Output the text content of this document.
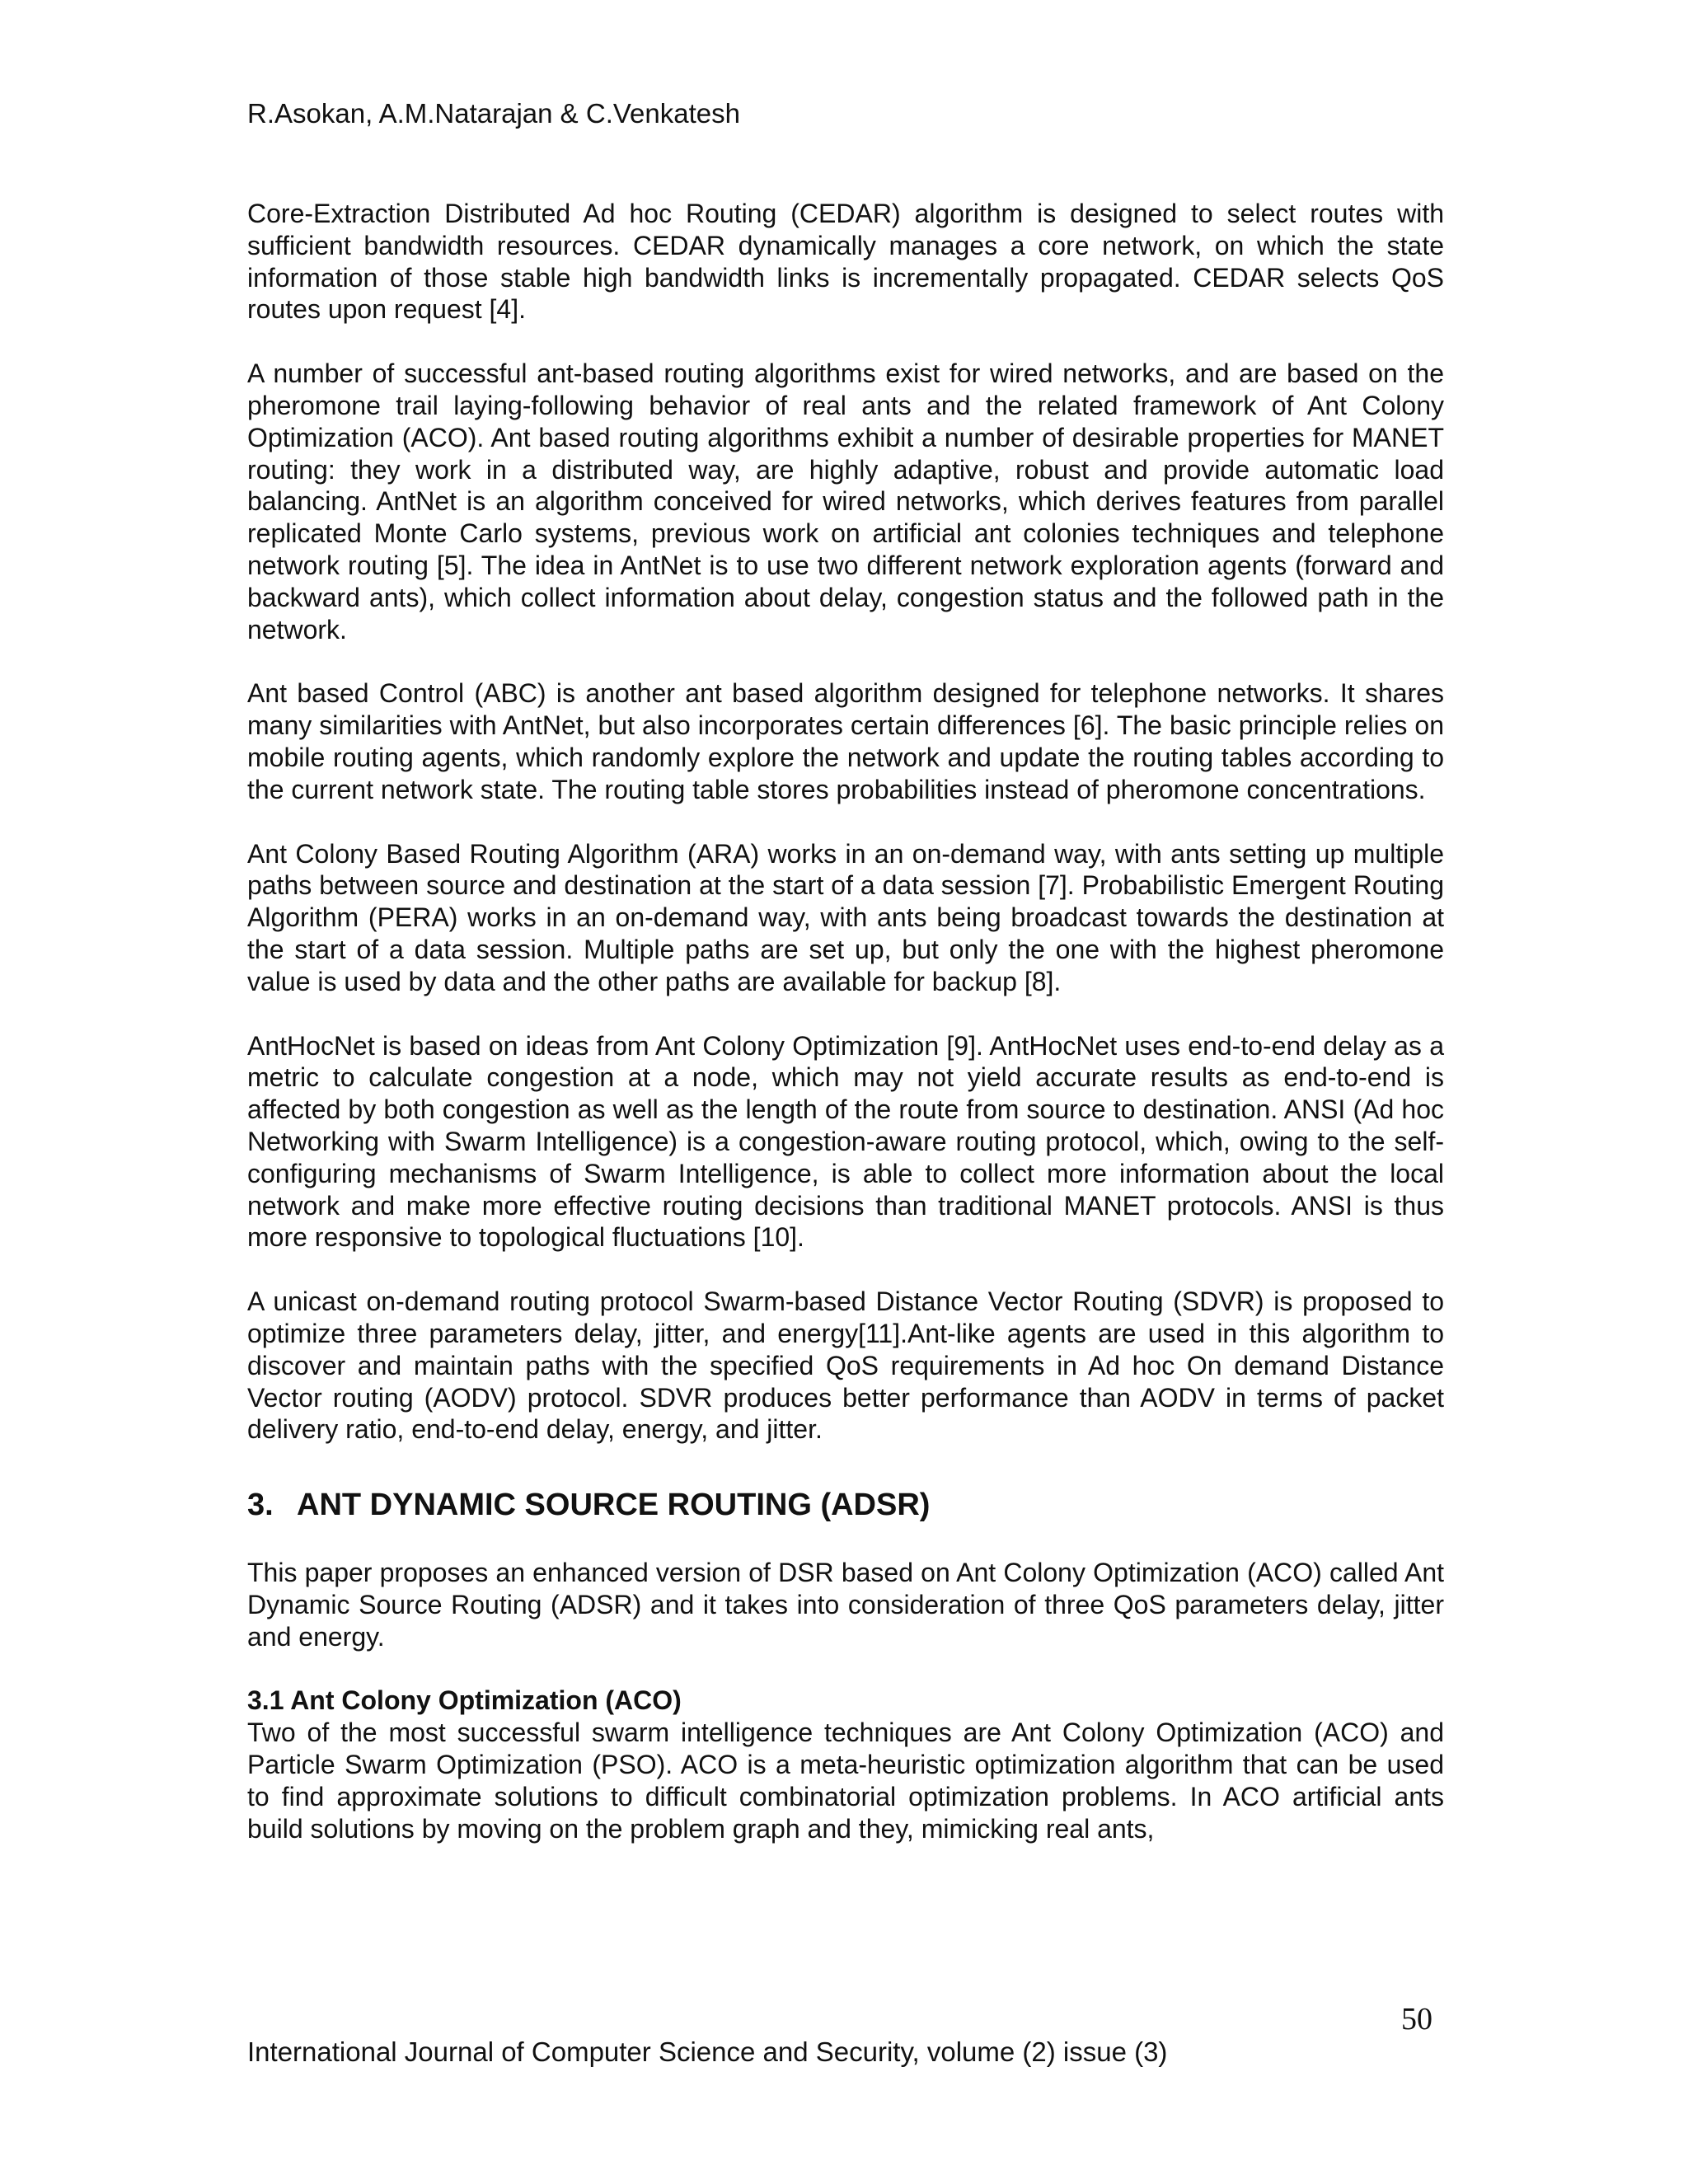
R.Asokan, A.M.Natarajan & C.Venkatesh

Core-Extraction Distributed Ad hoc Routing (CEDAR) algorithm is designed to select routes with sufficient bandwidth resources. CEDAR dynamically manages a core network, on which the state information of those stable high bandwidth links is incrementally propagated. CEDAR selects QoS routes upon request [4].

A number of successful ant-based routing algorithms exist for wired networks, and are based on the pheromone trail laying-following behavior of real ants and the related framework of Ant Colony Optimization (ACO). Ant based routing algorithms exhibit a number of desirable properties for MANET routing: they work in a distributed way, are highly adaptive, robust and provide automatic load balancing. AntNet is an algorithm conceived for wired networks, which derives features from parallel replicated Monte Carlo systems, previous work on artificial ant colonies techniques and telephone network routing [5]. The idea in AntNet is to use two different network exploration agents (forward and backward ants), which collect information about delay, congestion status and the followed path in the network.

Ant based Control (ABC) is another ant based algorithm designed for telephone networks. It shares many similarities with AntNet, but also incorporates certain differences [6]. The basic principle relies on mobile routing agents, which randomly explore the network and update the routing tables according to the current network state. The routing table stores probabilities instead of pheromone concentrations.

Ant Colony Based Routing Algorithm (ARA) works in an on-demand way, with ants setting up multiple paths between source and destination at the start of a data session [7]. Probabilistic Emergent Routing Algorithm (PERA) works in an on-demand way, with ants being broadcast towards the destination at the start of a data session. Multiple paths are set up, but only the one with the highest pheromone value is used by data and the other paths are available for backup [8].

AntHocNet is based on ideas from Ant Colony Optimization [9]. AntHocNet uses end-to-end delay as a metric to calculate congestion at a node, which may not yield accurate results as end-to-end is affected by both congestion as well as the length of the route from source to destination. ANSI (Ad hoc Networking with Swarm Intelligence) is a congestion-aware routing protocol, which, owing to the self-configuring mechanisms of Swarm Intelligence, is able to collect more information about the local network and make more effective routing decisions than traditional MANET protocols. ANSI is thus more responsive to topological fluctuations [10].

A unicast on-demand routing protocol Swarm-based Distance Vector Routing (SDVR) is proposed to optimize three parameters delay, jitter, and energy[11].Ant-like agents are used in this algorithm to discover and maintain paths with the specified QoS requirements in Ad hoc On demand Distance Vector routing (AODV) protocol. SDVR produces better performance than AODV in terms of packet delivery ratio, end-to-end delay, energy, and jitter.

3. ANT DYNAMIC SOURCE ROUTING (ADSR)

This paper proposes an enhanced version of DSR based on Ant Colony Optimization (ACO) called Ant Dynamic Source Routing (ADSR) and it takes into consideration of three QoS parameters delay, jitter and energy.

3.1 Ant Colony Optimization (ACO)

Two of the most successful swarm intelligence techniques are Ant Colony Optimization (ACO) and Particle Swarm Optimization (PSO). ACO is a meta-heuristic optimization algorithm that can be used to find approximate solutions to difficult combinatorial optimization problems. In ACO artificial ants build solutions by moving on the problem graph and they, mimicking real ants,

50

International Journal of Computer Science and Security, volume (2) issue (3)
